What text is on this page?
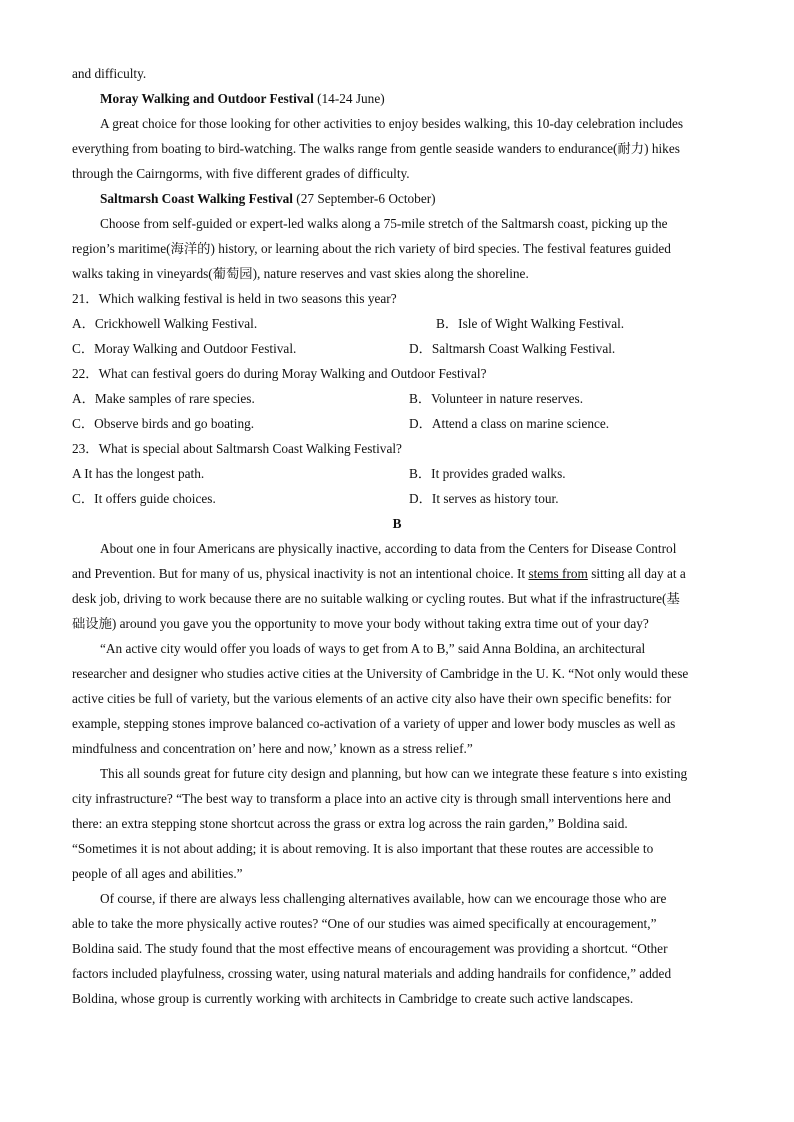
and difficulty.
Moray Walking and Outdoor Festival (14-24 June)
A great choice for those looking for other activities to enjoy besides walking, this 10-day celebration includes
everything from boating to bird-watching. The walks range from gentle seaside wanders to endurance(耐力) hikes
through the Cairngorms, with five different grades of difficulty.
Saltmarsh Coast Walking Festival (27 September-6 October)
Choose from self-guided or expert-led walks along a 75-mile stretch of the Saltmarsh coast, picking up the
region’s maritime(海洋的) history, or learning about the rich variety of bird species. The festival features guided
walks taking in vineyards(葡萄园), nature reserves and vast skies along the shoreline.
21．Which walking festival is held in two seasons this year?
A．Crickhowell Walking Festival.	B．Isle of Wight Walking Festival.
C．Moray Walking and Outdoor Festival.	D．Saltmarsh Coast Walking Festival.
22．What can festival goers do during Moray Walking and Outdoor Festival?
A．Make samples of rare species.	B．Volunteer in nature reserves.
C．Observe birds and go boating.	D．Attend a class on marine science.
23．What is special about Saltmarsh Coast Walking Festival?
A It has the longest path.	B．It provides graded walks.
C．It offers guide choices.	D．It serves as history tour.
B
About one in four Americans are physically inactive, according to data from the Centers for Disease Control
and Prevention. But for many of us, physical inactivity is not an intentional choice. It stems from sitting all day at a
desk job, driving to work because there are no suitable walking or cycling routes. But what if the infrastructure(基
础设施) around you gave you the opportunity to move your body without taking extra time out of your day?
“An active city would offer you loads of ways to get from A to B,” said Anna Boldina, an architectural
researcher and designer who studies active cities at the University of Cambridge in the U. K. “Not only would these
active cities be full of variety, but the various elements of an active city also have their own specific benefits: for
example, stepping stones improve balanced co-activation of a variety of upper and lower body muscles as well as
mindfulness and concentration on’ here and now,’ known as a stress relief.”
This all sounds great for future city design and planning, but how can we integrate these feature s into existing
city infrastructure? “The best way to transform a place into an active city is through small interventions here and
there: an extra stepping stone shortcut across the grass or extra log across the rain garden,” Boldina said.
“Sometimes it is not about adding; it is about removing. It is also important that these routes are accessible to
people of all ages and abilities.”
Of course, if there are always less challenging alternatives available, how can we encourage those who are
able to take the more physically active routes? “One of our studies was aimed specifically at encouragement,”
Boldina said. The study found that the most effective means of encouragement was providing a shortcut. “Other
factors included playfulness, crossing water, using natural materials and adding handrails for confidence,” added
Boldina, whose group is currently working with architects in Cambridge to create such active landscapes.
